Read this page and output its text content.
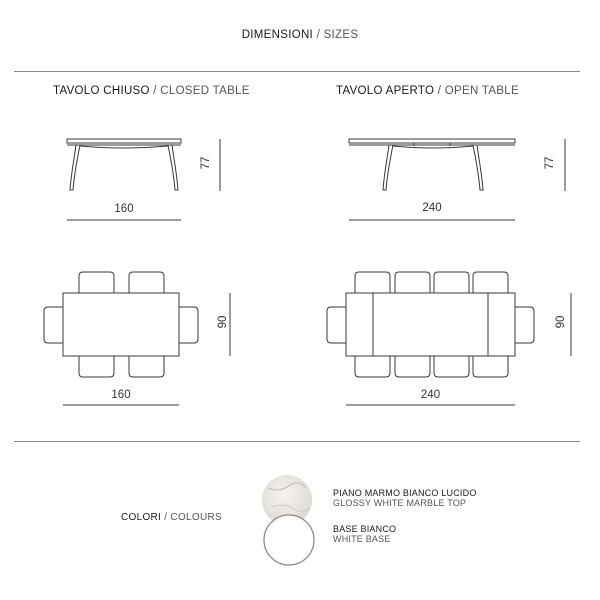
DIMENSIONI / SIZES
TAVOLO CHIUSO / CLOSED TABLE	TAVOLO APERTO / OPEN TABLE
77
160
77
240
90
160
90
240
COLORI / COLOURS
PIANO MARMO BIANCO LUCIDO
GLOSSY WHITE MARBLE TOP
BASE BIANCO
WHITE BASE
